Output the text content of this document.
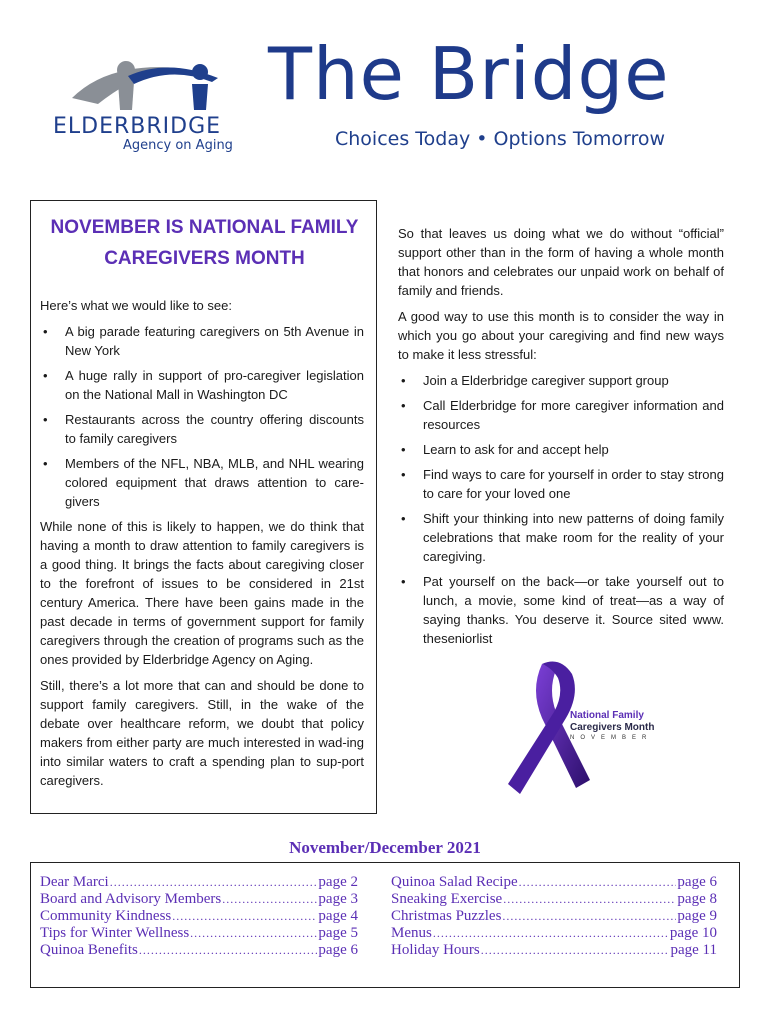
ELDERBRIDGE
Agency on Aging
The Bridge
Choices Today • Options Tomorrow
NOVEMBER IS NATIONAL FAMILY
CAREGIVERS MONTH

Here’s what we would like to see:

• A big parade featuring caregivers on 5th Avenue in New York
• A huge rally in support of pro-caregiver legislation on the National Mall in Washington DC
• Restaurants across the country offering discounts to family caregivers
• Members of the NFL, NBA, MLB, and NHL wearing colored equipment that draws attention to care-givers

While none of this is likely to happen, we do think that having a month to draw attention to family caregivers is a good thing. It brings the facts about caregiving closer to the forefront of issues to be considered in 21st century America. There have been gains made in the past decade in terms of government support for family caregivers through the creation of programs such as the ones provided by Elderbridge Agency on Aging.

Still, there’s a lot more that can and should be done to support family caregivers. Still, in the wake of the debate over healthcare reform, we doubt that policy makers from either party are much interested in wad-ing into similar waters to craft a spending plan to sup-port caregivers.

So that leaves us doing what we do without “official” support other than in the form of having a whole month that honors and celebrates our unpaid work on behalf of family and friends.

A good way to use this month is to consider the way in which you go about your caregiving and find new ways to make it less stressful:

• Join a Elderbridge caregiver support group
• Call Elderbridge for more caregiver information and resources
• Learn to ask for and accept help
• Find ways to care for yourself in order to stay strong to care for your loved one
• Shift your thinking into new patterns of doing family celebrations that make room for the reality of your caregiving.
• Pat yourself on the back—or take yourself out to lunch, a movie, some kind of treat—as a way of saying thanks. You deserve it. Source sited www. theseniorlist
National Family
Caregivers Month
NOVEMBER
November/December 2021
Dear Marci .....	page 2
Board and Advisory Members .....	page 3
Community Kindness .....	page 4
Tips for Winter Wellness .....	page 5
Quinoa Benefits .....	page 6
Quinoa Salad Recipe .....	page 6
Sneaking Exercise .....	page 8
Christmas Puzzles .....	page 9
Menus .....	page 10
Holiday Hours .....	page 11
